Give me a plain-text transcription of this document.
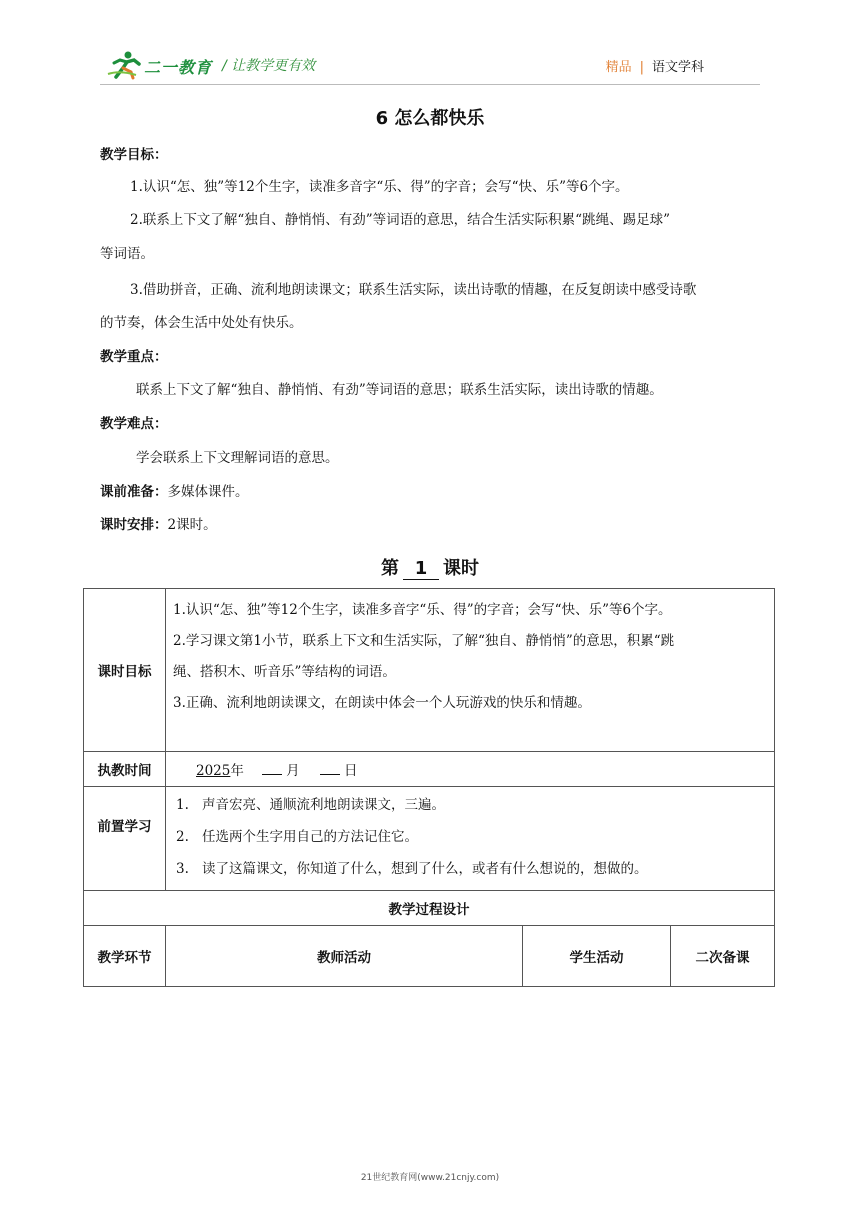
二一教育 / 让教学更有效	精品 | 语文学科
6 怎么都快乐
教学目标：
1.认识“怎、独”等12个生字，读准多音字“乐、得”的字音；会写“快、乐”等6个字。
2.联系上下文了解“独自、静悄悄、有劲”等词语的意思，结合生活实际积累“跳绳、踢足球”
等词语。
3.借助拼音，正确、流利地朗读课文；联系生活实际，读出诗歌的情趣，在反复朗读中感受诗歌
的节奏，体会生活中处处有快乐。
教学重点：
联系上下文了解“独自、静悄悄、有劲”等词语的意思；联系生活实际，读出诗歌的情趣。
教学难点：
学会联系上下文理解词语的意思。
课前准备：多媒体课件。
课时安排：2课时。
第 1 课时
课时目标	1.认识“怎、独”等12个生字，读准多音字“乐、得”的字音；会写“快、乐”等6个字。
2.学习课文第1小节，联系上下文和生活实际，了解“独自、静悄悄”的意思，积累“跳
绳、搭积木、听音乐”等结构的词语。
3.正确、流利地朗读课文，在朗读中体会一个人玩游戏的快乐和情趣。		

执教时间	2025年 月 日		
前置学习	1. 声音宏亮、通顺流利地朗读课文，三遍。
2. 任选两个生字用自己的方法记住它。
3. 读了这篇课文，你知道了什么，想到了什么，或者有什么想说的，想做的。		

教学过程设计			
教学环节	教师活动	学生活动	二次备课
21世纪教育网(www.21cnjy.com)
